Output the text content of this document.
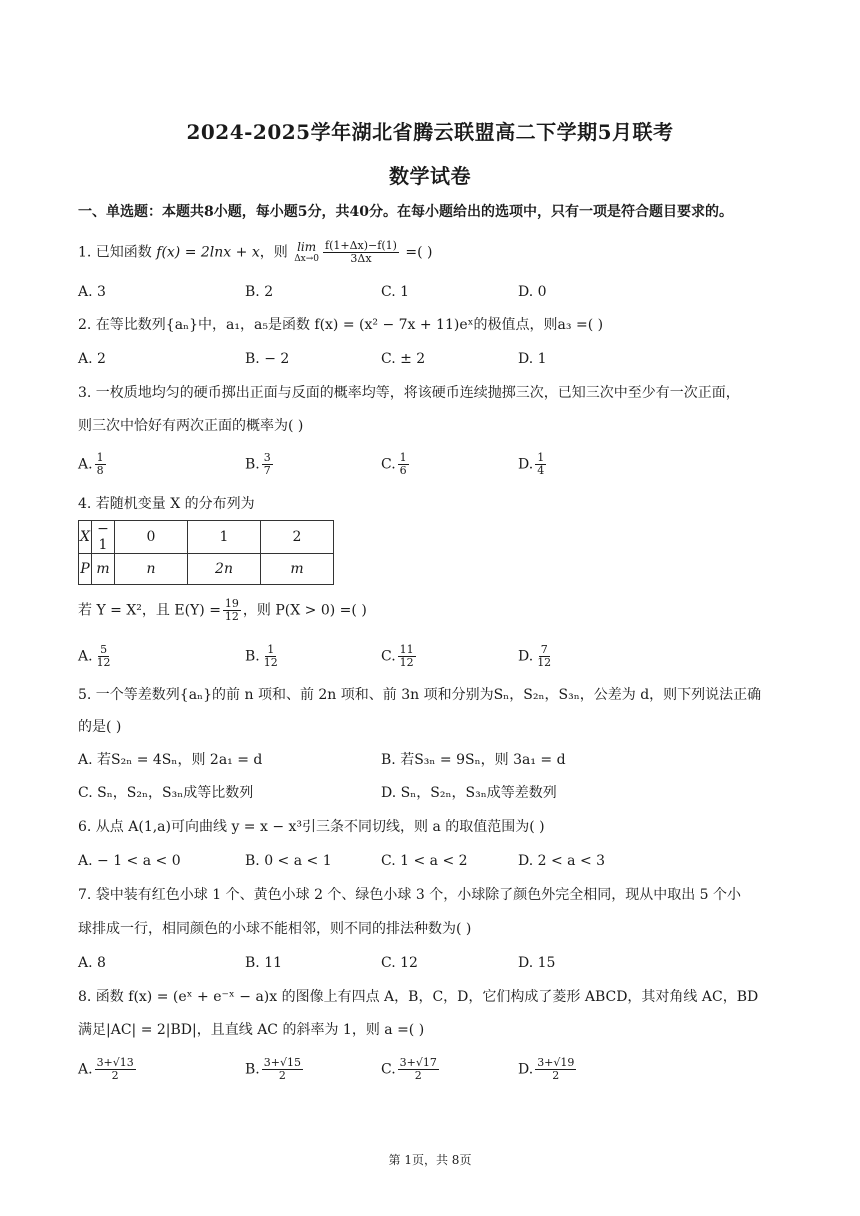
2024-2025学年湖北省腾云联盟高二下学期5月联考
数学试卷
一、单选题：本题共8小题，每小题5分，共40分。在每小题给出的选项中，只有一项是符合题目要求的。
1. 已知函数 f(x) = 2lnx + x，则 lim
$\Delta x\to 0 \frac{f(1+\Delta x)-f(1)}{3\Delta x}$ =( )
A. 3	B. 2	C. 1	D. 0
2. 在等比数列{aₙ}中，a₁，a₅是函数 f(x) = (x² − 7x + 11)eˣ的极值点，则a₃ =( )
A. 2	B. − 2	C. ± 2	D. 1
3. 一枚质地均匀的硬币掷出正面与反面的概率均等，将该硬币连续抛掷三次，已知三次中至少有一次正面，
则三次中恰好有两次正面的概率为( )
A. $\frac{1}{8}$	B. $\frac{3}{7}$	C. $\frac{1}{6}$	D. $\frac{1}{4}$
4. 若随机变量 X 的分布列为
X	− 1	0	1	2
P	m	n	2n	m
若 Y = X²，且 $E(Y) = \frac{19}{12}$ ，则 P(X > 0) =( )
A. $\frac{5}{12}$	B. $\frac{1}{12}$	C. $\frac{11}{12}$	D. $\frac{7}{12}$
5. 一个等差数列{aₙ}的前 n 项和、前 2n 项和、前 3n 项和分别为Sₙ，S₂ₙ，S₃ₙ，公差为 d，则下列说法正确
的是( )
A. 若S₂ₙ = 4Sₙ，则 2a₁ = d	B. 若S₃ₙ = 9Sₙ，则 3a₁ = d
C. Sₙ，S₂ₙ，S₃ₙ成等比数列	D. Sₙ，S₂ₙ，S₃ₙ成等差数列
6. 从点 A(1,a)可向曲线 y = x − x³引三条不同切线，则 a 的取值范围为( )
A. − 1 < a < 0	B. 0 < a < 1	C. 1 < a < 2	D. 2 < a < 3
7. 袋中装有红色小球 1 个、黄色小球 2 个、绿色小球 3 个，小球除了颜色外完全相同，现从中取出 5 个小
球排成一行，相同颜色的小球不能相邻，则不同的排法种数为( )
A. 8	B. 11	C. 12	D. 15
8. 函数 f(x) = (eˣ + e⁻ˣ − a)x 的图像上有四点 A，B，C，D，它们构成了菱形 ABCD，其对角线 AC，BD
满足|AC| = 2|BD|，且直线 AC 的斜率为 1，则 a =( )
A. $\frac{3+√13}{2}$	B. $\frac{3+√15}{2}$	C. $\frac{3+√17}{2}$	D. $\frac{3+√19}{2}$
第 1页，共 8页
